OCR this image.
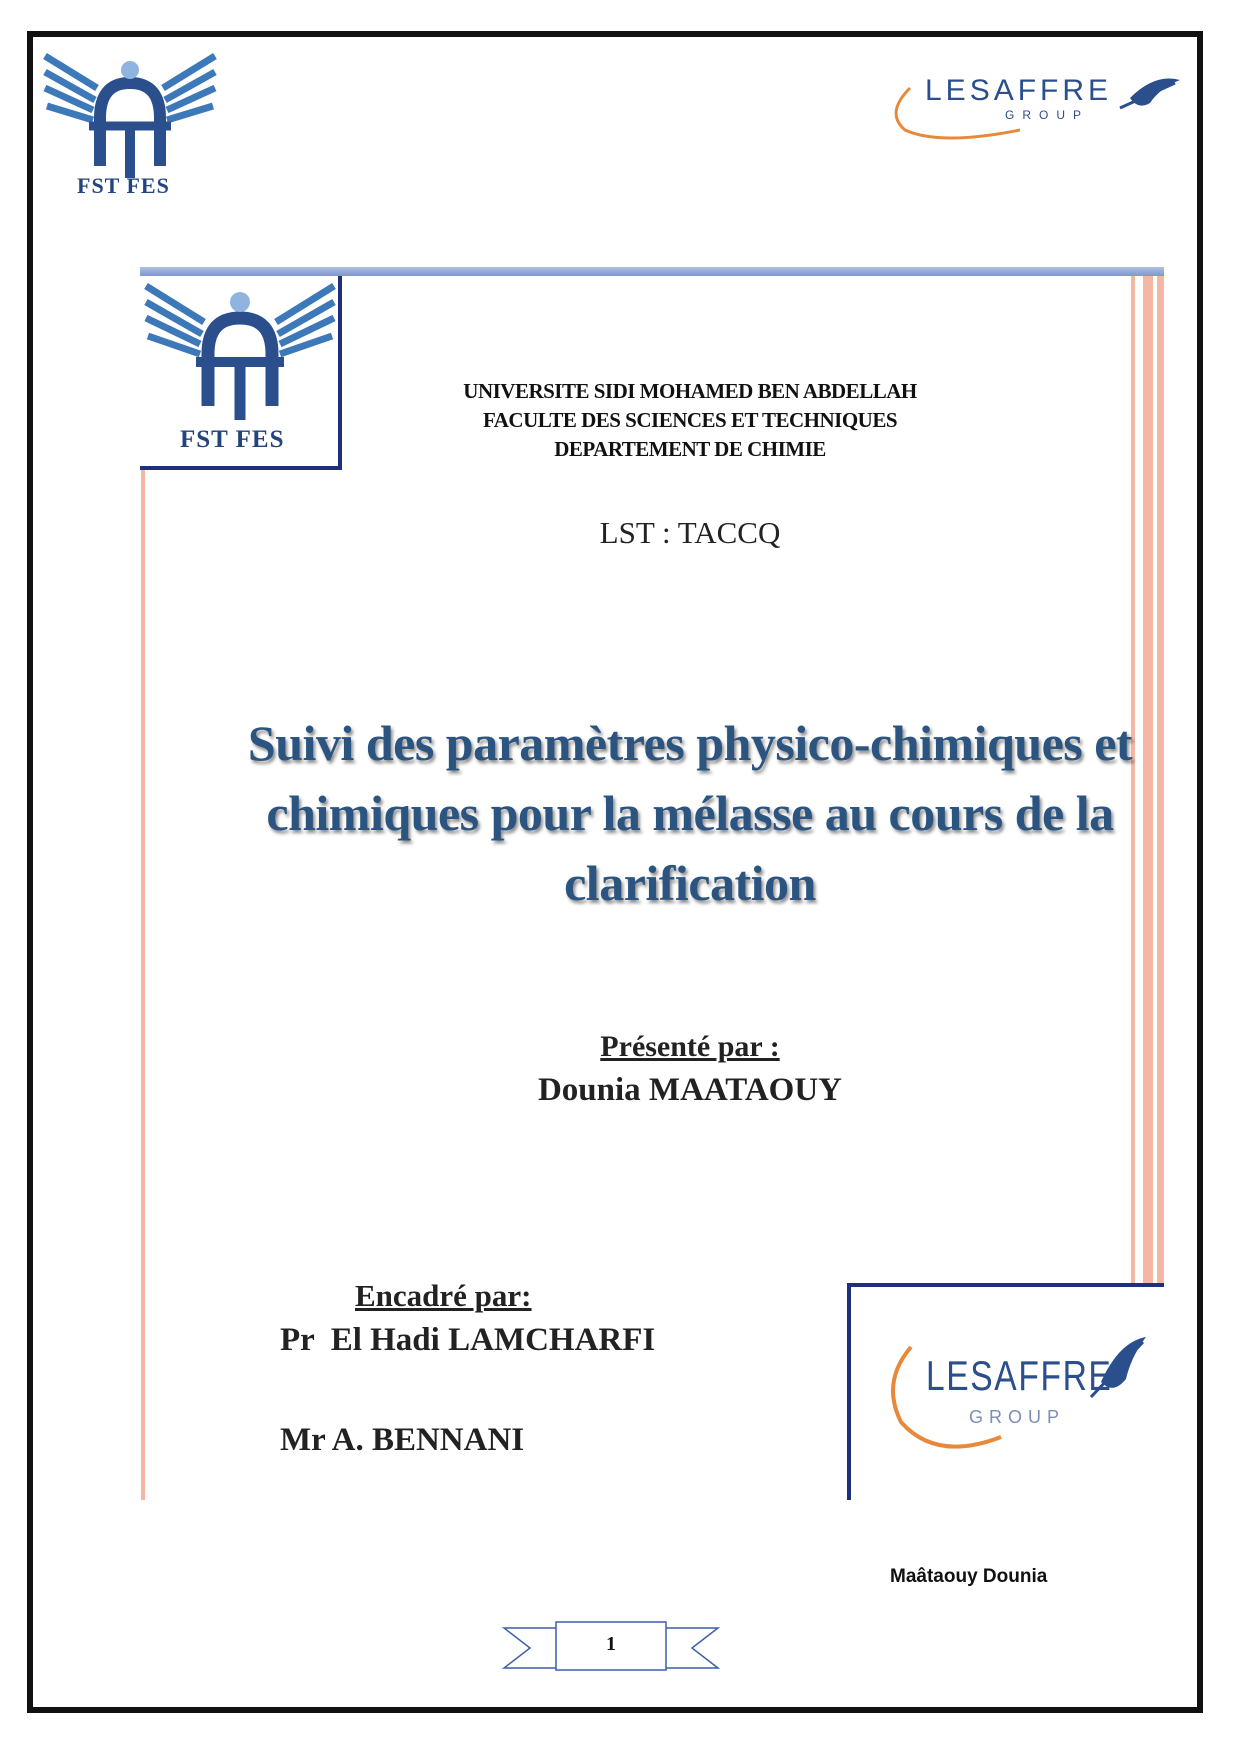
FST FES
LESAFFRE
GROUP
FST FES
UNIVERSITE SIDI MOHAMED BEN ABDELLAH
FACULTE DES SCIENCES ET TECHNIQUES
DEPARTEMENT DE CHIMIE
LST : TACCQ
Suivi des paramètres physico-chimiques et
chimiques pour la mélasse au cours de la
clarification
Présenté par :
Dounia MAATAOUY
Encadré par:
Pr  El Hadi LAMCHARFI
Mr A. BENNANI
LESAFFRE
GROUP
Maâtaouy Dounia
1
